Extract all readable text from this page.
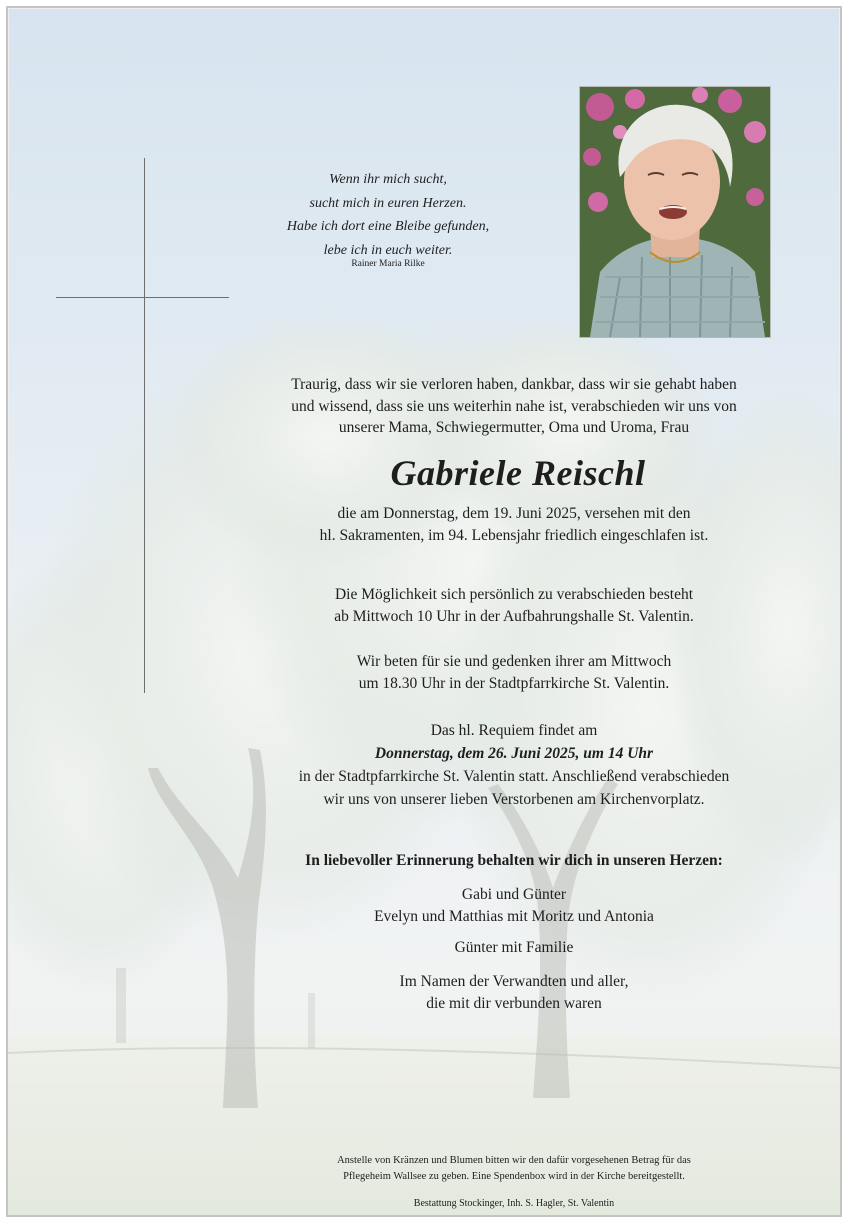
Wenn ihr mich sucht,
sucht mich in euren Herzen.
Habe ich dort eine Bleibe gefunden,
lebe ich in euch weiter.
Rainer Maria Rilke
Traurig, dass wir sie verloren haben, dankbar, dass wir sie gehabt haben
und wissend, dass sie uns weiterhin nahe ist, verabschieden wir uns von
unserer Mama, Schwiegermutter, Oma und Uroma, Frau
Gabriele Reischl
die am Donnerstag, dem 19. Juni 2025, versehen mit den
hl. Sakramenten, im 94. Lebensjahr friedlich eingeschlafen ist.
Die Möglichkeit sich persönlich zu verabschieden besteht
ab Mittwoch 10 Uhr in der Aufbahrungshalle St. Valentin.
Wir beten für sie und gedenken ihrer am Mittwoch
um 18.30 Uhr in der Stadtpfarrkirche St. Valentin.
Das hl. Requiem findet am
Donnerstag, dem 26. Juni 2025, um 14 Uhr
in der Stadtpfarrkirche St. Valentin statt. Anschließend verabschieden
wir uns von unserer lieben Verstorbenen am Kirchenvorplatz.
In liebevoller Erinnerung behalten wir dich in unseren Herzen:
Gabi und Günter
Evelyn und Matthias mit Moritz und Antonia
Günter mit Familie
Im Namen der Verwandten und aller,
die mit dir verbunden waren
Anstelle von Kränzen und Blumen bitten wir den dafür vorgesehenen Betrag für das
Pflegeheim Wallsee zu geben. Eine Spendenbox wird in der Kirche bereitgestellt.
Bestattung Stockinger, Inh. S. Hagler, St. Valentin
